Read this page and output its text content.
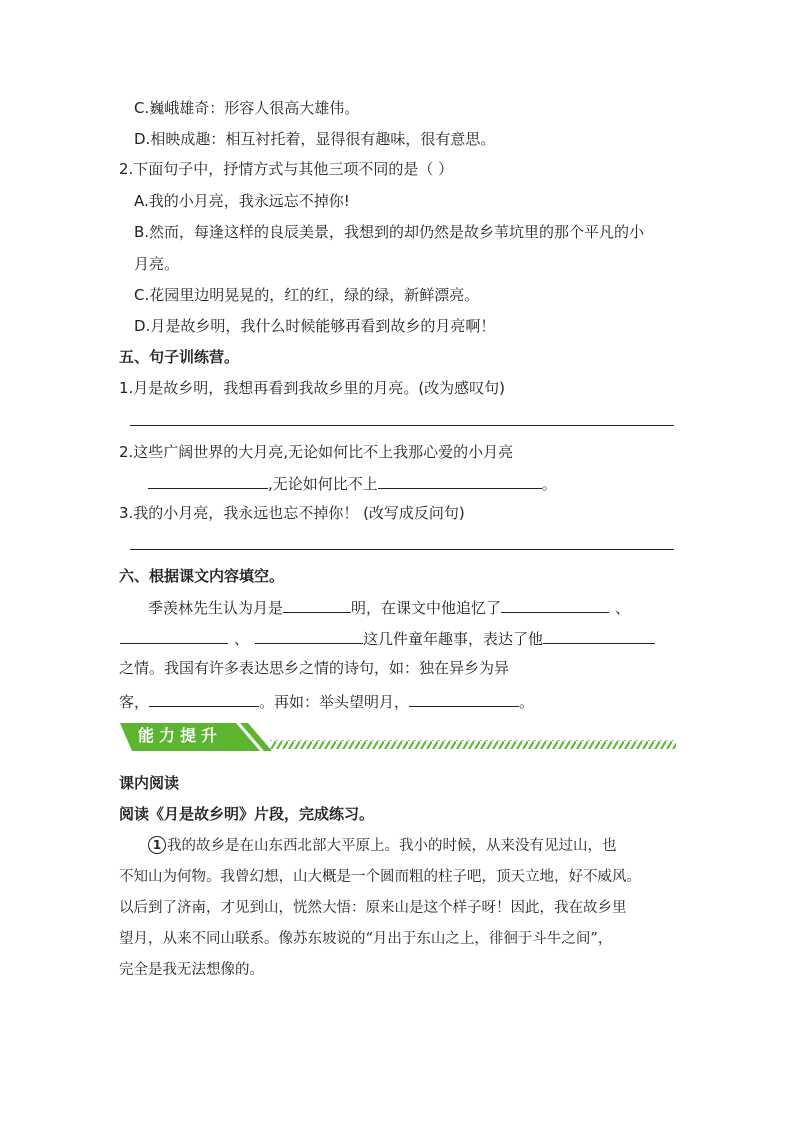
C.巍峨雄奇：形容人很高大雄伟。
D.相映成趣：相互衬托着，显得很有趣味，很有意思。
2.下面句子中，抒情方式与其他三项不同的是（ ）
A.我的小月亮，我永远忘不掉你!
B.然而，每逢这样的良辰美景，我想到的却仍然是故乡苇坑里的那个平凡的小
月亮。
C.花园里边明晃晃的，红的红，绿的绿，新鲜漂亮。
D.月是故乡明，我什么时候能够再看到故乡的月亮啊！
五、句子训练营。
1.月是故乡明，我想再看到我故乡里的月亮。(改为感叹句)
2.这些广阔世界的大月亮,无论如何比不上我那心爱的小月亮
,无论如何比不上	。
3.我的小月亮，我永远也忘不掉你！ (改写成反问句)
六、根据课文内容填空。
季羡林先生认为月是	明，在课文中他追忆了	、
、	这几件童年趣事，表达了他
之情。我国有许多表达思乡之情的诗句，如：独在异乡为异
客，	。再如：举头望明月，	。
能力提升
课内阅读
阅读《月是故乡明》片段，完成练习。
1 我的故乡是在山东西北部大平原上。我小的时候，从来没有见过山，也
不知山为何物。我曾幻想，山大概是一个圆而粗的柱子吧，顶天立地，好不威风。
以后到了济南，才见到山，恍然大悟：原来山是这个样子呀！因此，我在故乡里
望月，从来不同山联系。像苏东坡说的“月出于东山之上，徘徊于斗牛之间”，
完全是我无法想像的。
